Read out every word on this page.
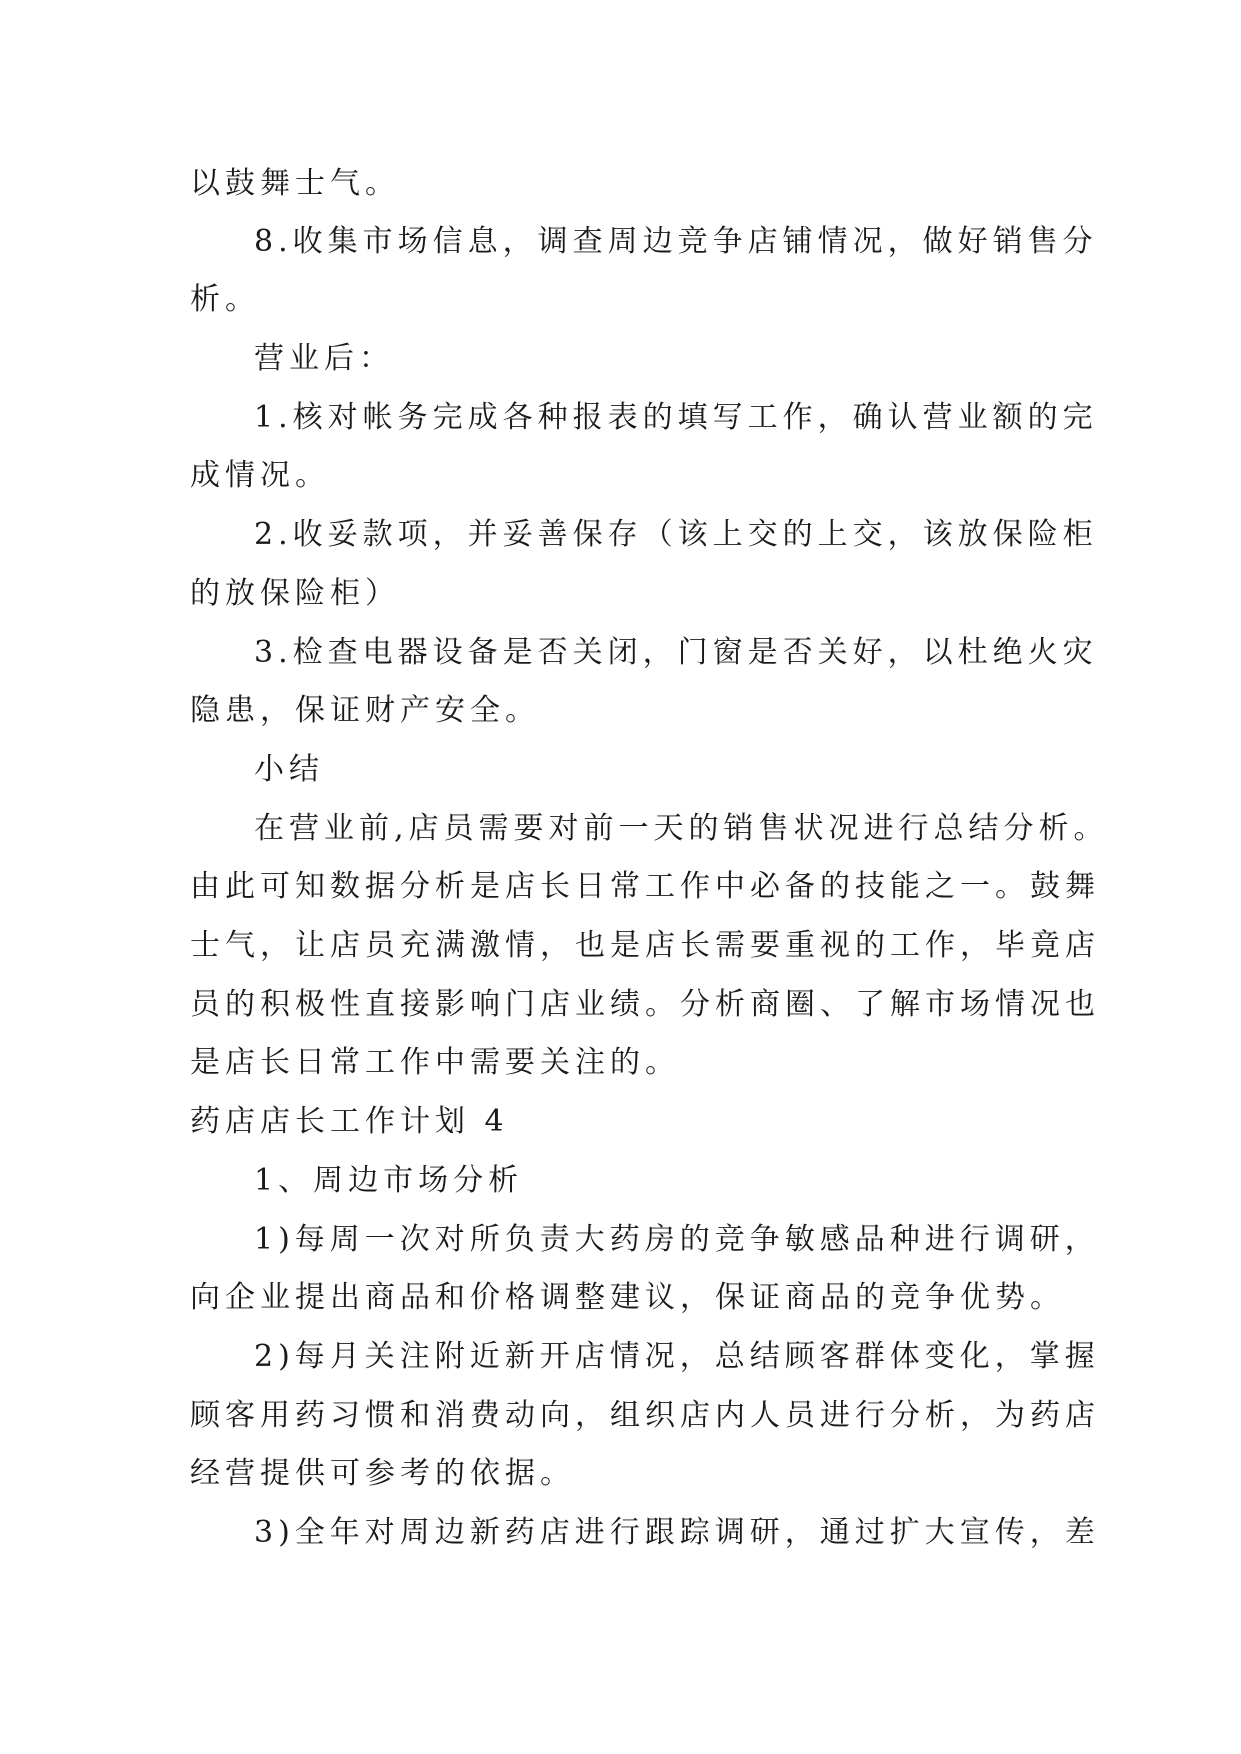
以鼓舞士气。
8.收集市场信息，调查周边竞争店铺情况，做好销售分
析。
营业后：
1.核对帐务完成各种报表的填写工作，确认营业额的完
成情况。
2.收妥款项，并妥善保存（该上交的上交，该放保险柜
的放保险柜）
3.检查电器设备是否关闭，门窗是否关好，以杜绝火灾
隐患，保证财产安全。
小结
在营业前,店员需要对前一天的销售状况进行总结分析。
由此可知数据分析是店长日常工作中必备的技能之一。鼓舞
士气，让店员充满激情，也是店长需要重视的工作，毕竟店
员的积极性直接影响门店业绩。分析商圈、了解市场情况也
是店长日常工作中需要关注的。
药店店长工作计划 4
1、周边市场分析
1)每周一次对所负责大药房的竞争敏感品种进行调研，
向企业提出商品和价格调整建议，保证商品的竞争优势。
2)每月关注附近新开店情况，总结顾客群体变化，掌握
顾客用药习惯和消费动向，组织店内人员进行分析，为药店
经营提供可参考的依据。
3)全年对周边新药店进行跟踪调研，通过扩大宣传，差
